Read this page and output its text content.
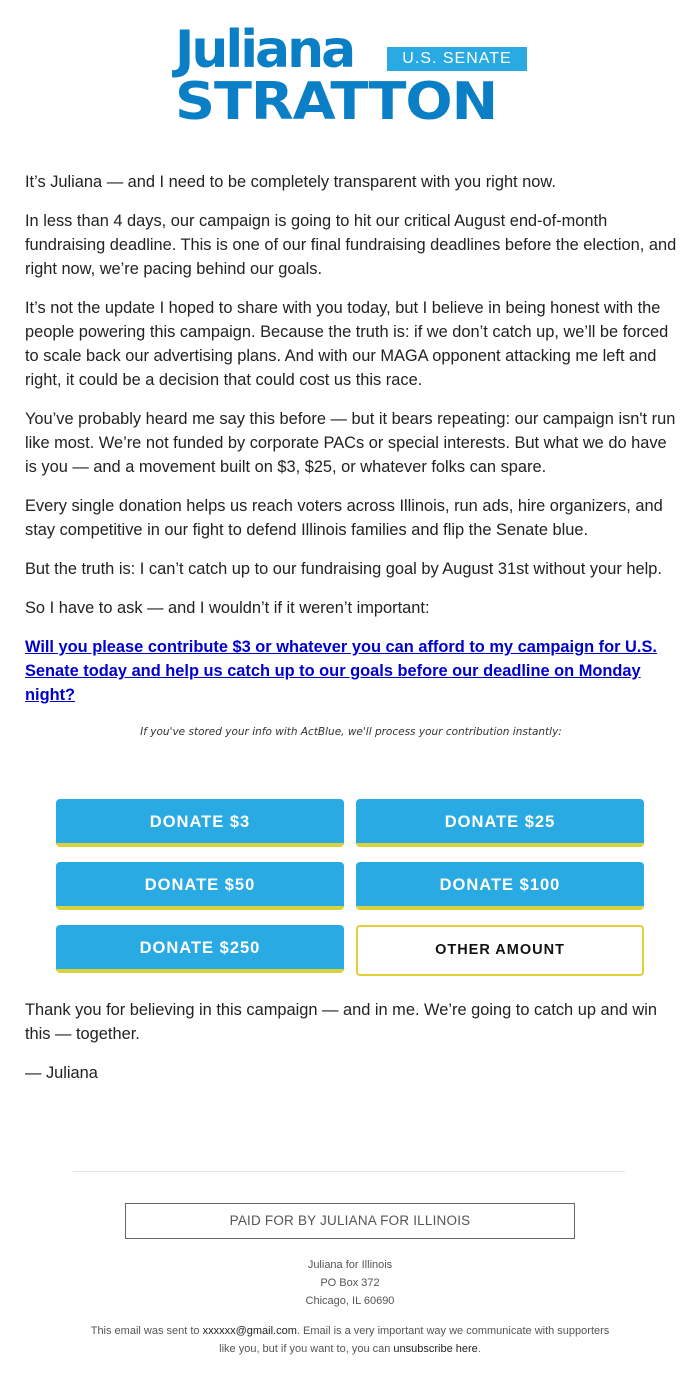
Juliana	U.S. SENATE
STRATTON

It’s Juliana — and I need to be completely transparent with you right now.

In less than 4 days, our campaign is going to hit our critical August end-of-month fundraising deadline. This is one of our final fundraising deadlines before the election, and right now, we’re pacing behind our goals.

It’s not the update I hoped to share with you today, but I believe in being honest with the people powering this campaign. Because the truth is: if we don’t catch up, we’ll be forced to scale back our advertising plans. And with our MAGA opponent attacking me left and right, it could be a decision that could cost us this race.

You’ve probably heard me say this before — but it bears repeating: our campaign isn't run like most. We’re not funded by corporate PACs or special interests. But what we do have is you — and a movement built on $3, $25, or whatever folks can spare.

Every single donation helps us reach voters across Illinois, run ads, hire organizers, and stay competitive in our fight to defend Illinois families and flip the Senate blue.

But the truth is: I can’t catch up to our fundraising goal by August 31st without your help.

So I have to ask — and I wouldn’t if it weren’t important:

Will you please contribute $3 or whatever you can afford to my campaign for U.S. Senate today and help us catch up to our goals before our deadline on Monday night?

If you've stored your info with ActBlue, we'll process your contribution instantly:

DONATE $3	DONATE $25
DONATE $50	DONATE $100
DONATE $250	OTHER AMOUNT

Thank you for believing in this campaign — and in me. We’re going to catch up and win this — together.

— Juliana

PAID FOR BY JULIANA FOR ILLINOIS
Juliana for Illinois
PO Box 372
Chicago, IL 60690
This email was sent to xxxxxx@gmail.com. Email is a very important way we communicate with supporters like you, but if you want to, you can unsubscribe here.
